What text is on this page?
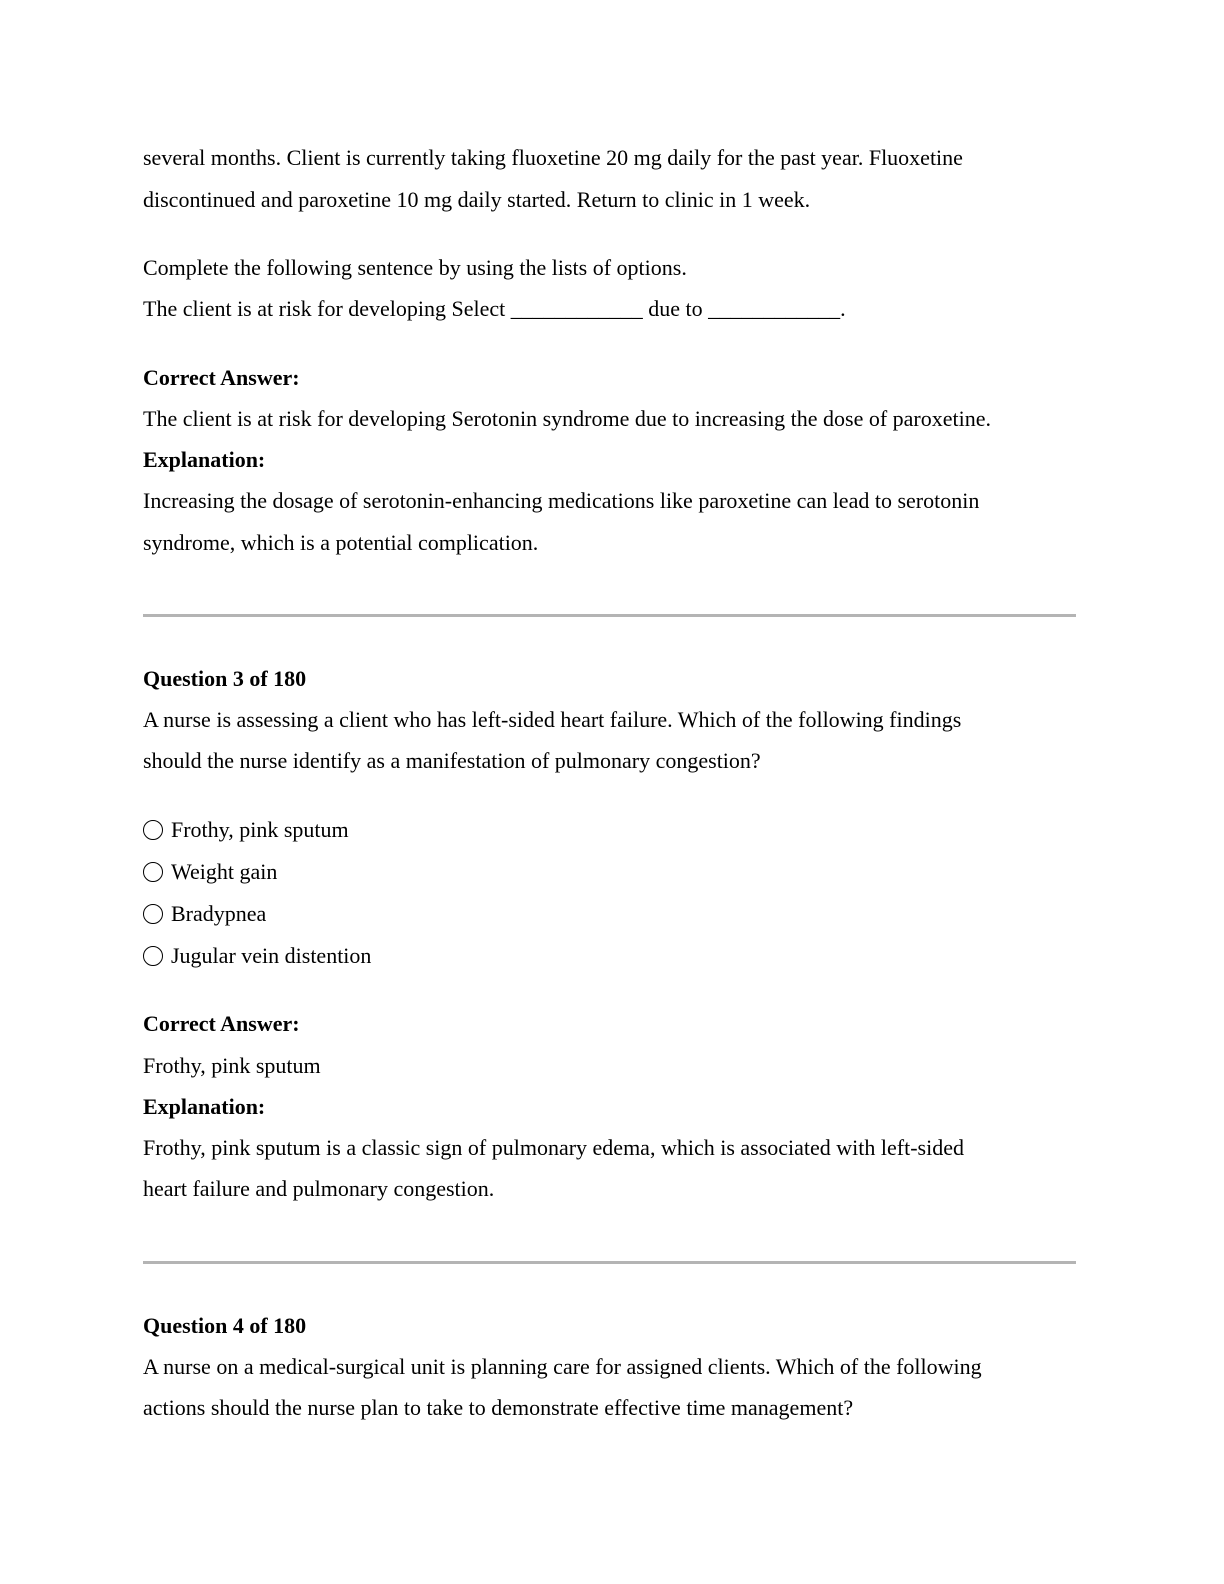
several months. Client is currently taking fluoxetine 20 mg daily for the past year. Fluoxetine
discontinued and paroxetine 10 mg daily started. Return to clinic in 1 week.
Complete the following sentence by using the lists of options.
The client is at risk for developing Select ____________ due to ____________.
Correct Answer:
The client is at risk for developing Serotonin syndrome due to increasing the dose of paroxetine.
Explanation:
Increasing the dosage of serotonin-enhancing medications like paroxetine can lead to serotonin
syndrome, which is a potential complication.
Question 3 of 180
A nurse is assessing a client who has left-sided heart failure. Which of the following findings
should the nurse identify as a manifestation of pulmonary congestion?
Frothy, pink sputum
Weight gain
Bradypnea
Jugular vein distention
Correct Answer:
Frothy, pink sputum
Explanation:
Frothy, pink sputum is a classic sign of pulmonary edema, which is associated with left-sided
heart failure and pulmonary congestion.
Question 4 of 180
A nurse on a medical-surgical unit is planning care for assigned clients. Which of the following
actions should the nurse plan to take to demonstrate effective time management?
